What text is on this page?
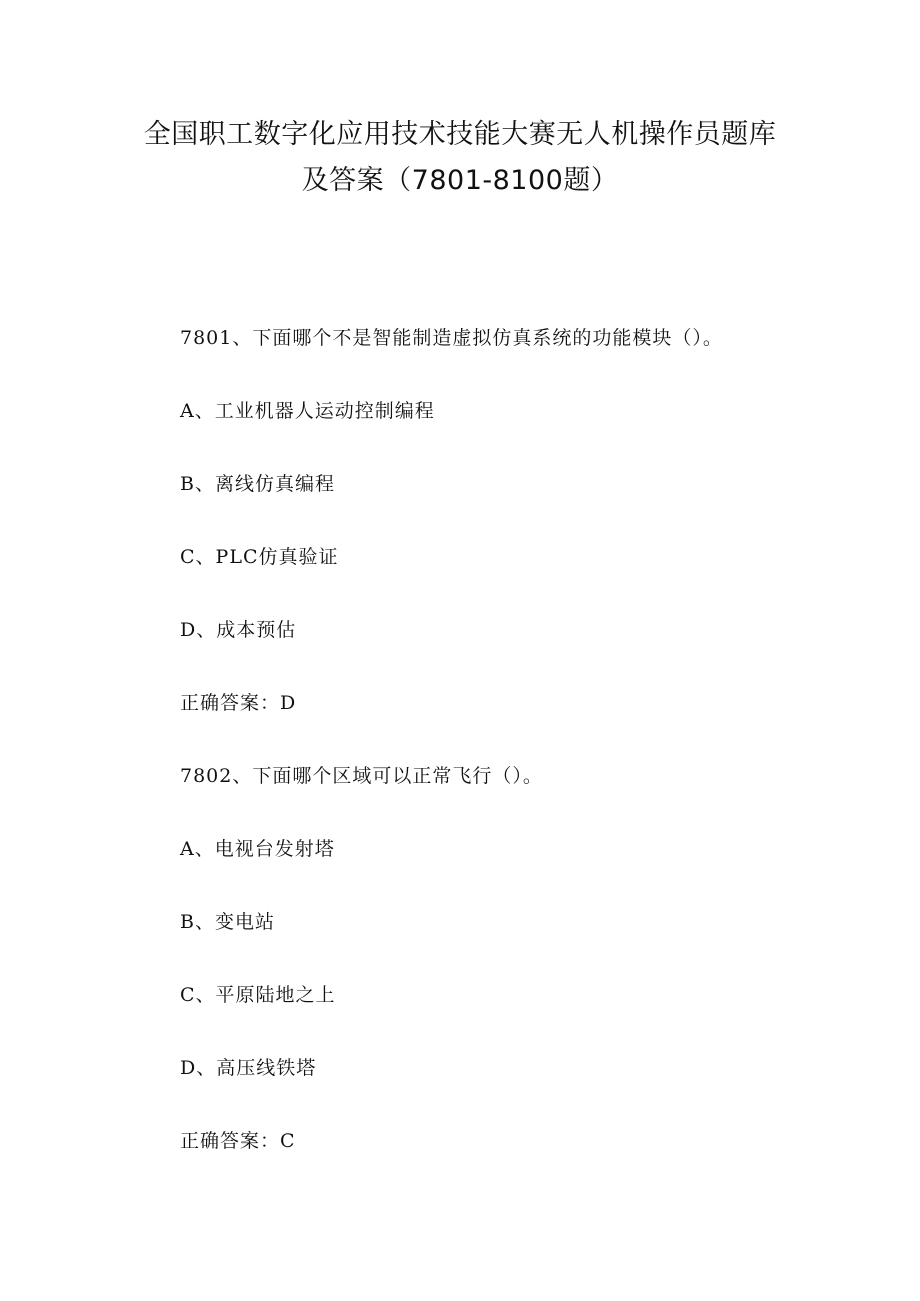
全国职工数字化应用技术技能大赛无人机操作员题库
及答案（7801-8100题）
7801、下面哪个不是智能制造虚拟仿真系统的功能模块（）。
A、工业机器人运动控制编程
B、离线仿真编程
C、PLC仿真验证
D、成本预估
正确答案：D
7802、下面哪个区域可以正常飞行（）。
A、电视台发射塔
B、变电站
C、平原陆地之上
D、高压线铁塔
正确答案：C
